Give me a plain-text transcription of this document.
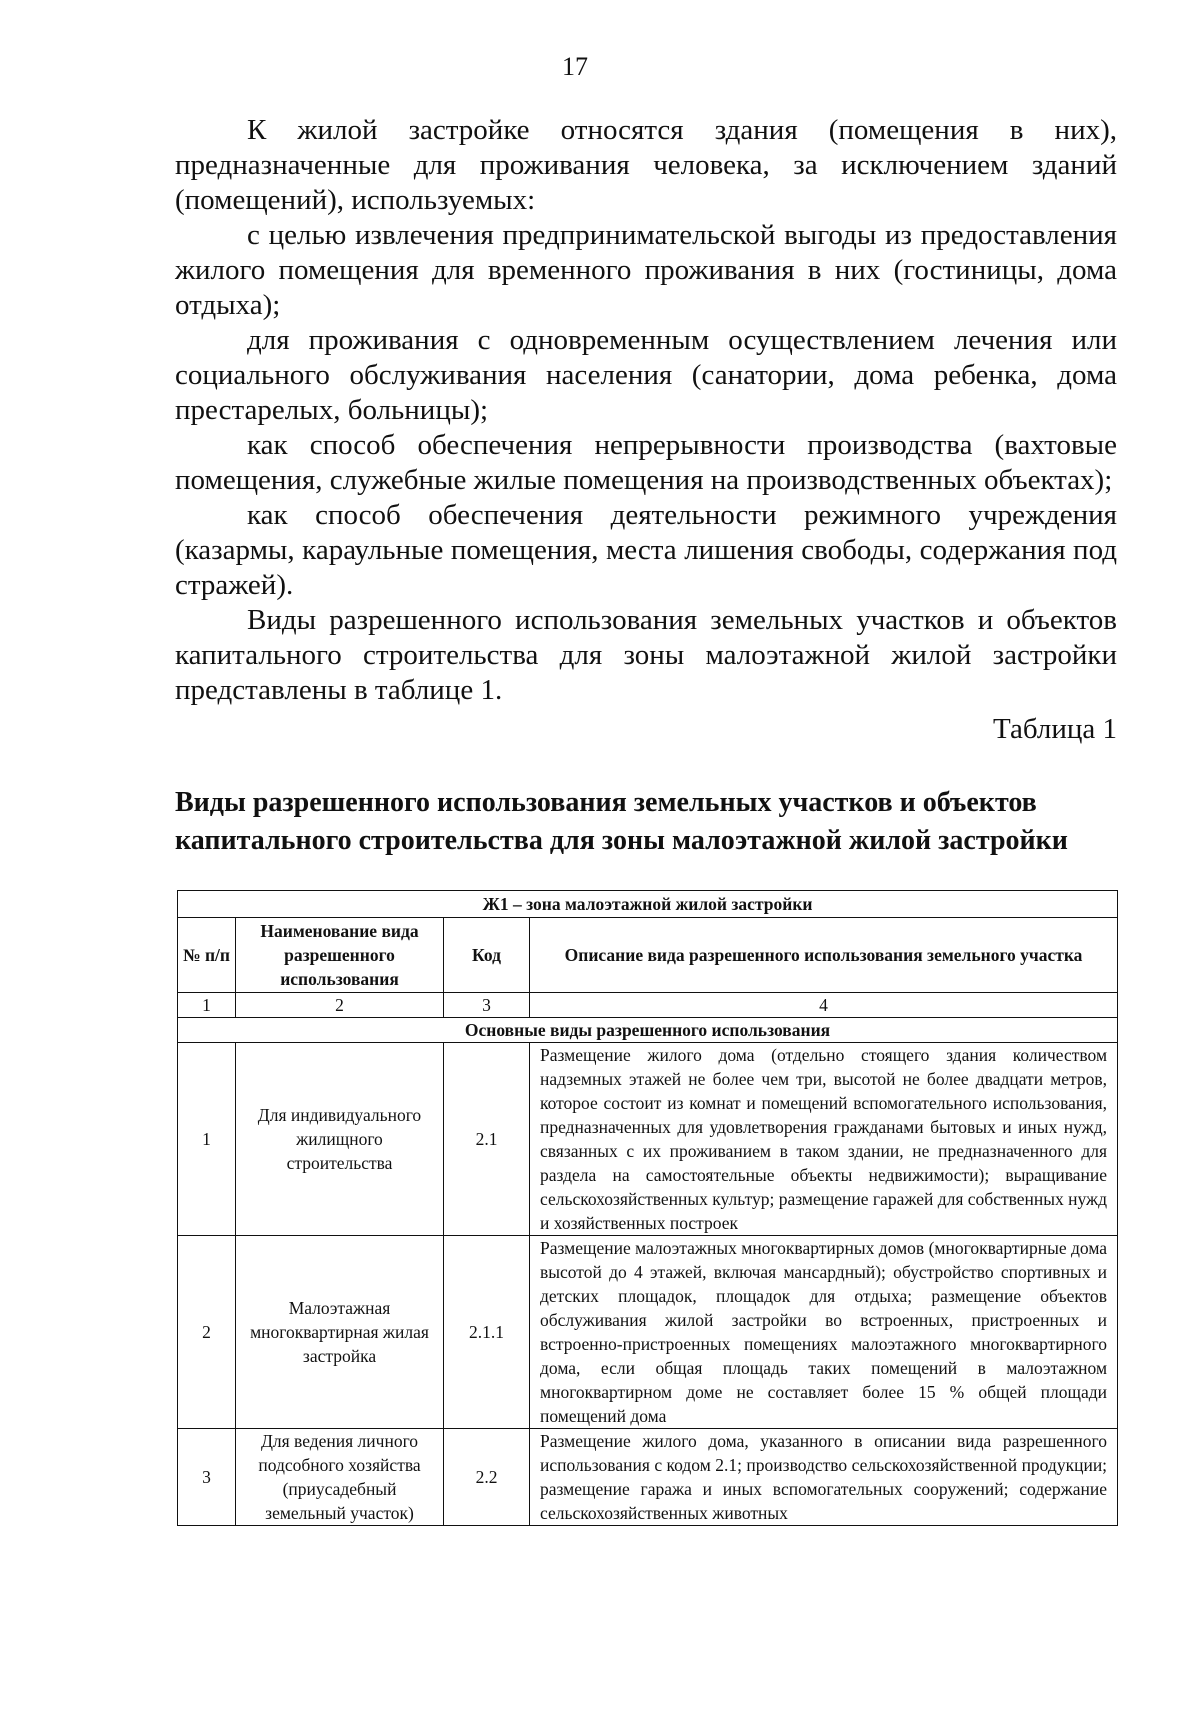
17

К жилой застройке относятся здания (помещения в них), предназначенные для проживания человека, за исключением зданий (помещений), используемых:

с целью извлечения предпринимательской выгоды из предоставления жилого помещения для временного проживания в них (гостиницы, дома отдыха);

для проживания с одновременным осуществлением лечения или социального обслуживания населения (санатории, дома ребенка, дома престарелых, больницы);

как способ обеспечения непрерывности производства (вахтовые помещения, служебные жилые помещения на производственных объектах);

как способ обеспечения деятельности режимного учреждения (казармы, караульные помещения, места лишения свободы, содержания под стражей).

Виды разрешенного использования земельных участков и объектов капитального строительства для зоны малоэтажной жилой застройки представлены в таблице 1.

Таблица 1
Виды разрешенного использования земельных участков и объектов капитального строительства для зоны малоэтажной жилой застройки
Ж1 – зона малоэтажной жилой застройки			
№ п/п	Наименование вида разрешенного использования	Код	Описание вида разрешенного использования земельного участка
1	2	3	4
Основные виды разрешенного использования			
1	Для индивидуального жилищного строительства	2.1	Размещение жилого дома (отдельно стоящего здания количеством надземных этажей не более чем три, высотой не более двадцати метров, которое состоит из комнат и помещений вспомогательного использования, предназначенных для удовлетворения гражданами бытовых и иных нужд, связанных с их проживанием в таком здании, не предназначенного для раздела на самостоятельные объекты недвижимости); выращивание сельскохозяйственных культур; размещение гаражей для собственных нужд и хозяйственных построек
2	Малоэтажная многоквартирная жилая застройка	2.1.1	Размещение малоэтажных многоквартирных домов (многоквартирные дома высотой до 4 этажей, включая мансардный); обустройство спортивных и детских площадок, площадок для отдыха; размещение объектов обслуживания жилой застройки во встроенных, пристроенных и встроенно-пристроенных помещениях малоэтажного многоквартирного дома, если общая площадь таких помещений в малоэтажном многоквартирном доме не составляет более 15 % общей площади помещений дома
3	Для ведения личного подсобного хозяйства (приусадебный земельный участок)	2.2	Размещение жилого дома, указанного в описании вида разрешенного использования с кодом 2.1; производство сельскохозяйственной продукции; размещение гаража и иных вспомогательных сооружений; содержание сельскохозяйственных животных
